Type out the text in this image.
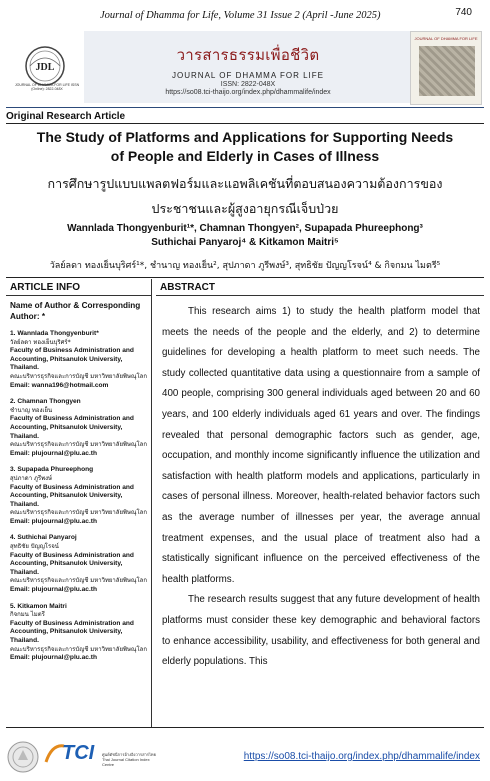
Journal of Dhamma for Life, Volume 31 Issue 2 (April -June 2025)	740
JDL
JOURNAL OF DHAMMA FOR LIFE ISSN (Online): 2822-048X
วารสารธรรมเพื่อชีวิต
JOURNAL OF DHAMMA FOR LIFE
ISSN: 2822-048X
https://so08.tci-thaijo.org/index.php/dhammalife/index
JOURNAL OF DHAMMA FOR LIFE
Original Research Article
The Study of Platforms and Applications for Supporting Needs
of People and Elderly in Cases of Illness
การศึกษารูปแบบแพลตฟอร์มและแอพลิเคชันที่ตอบสนองความต้องการของ
ประชาชนและผู้สูงอายุกรณีเจ็บป่วย
Wannlada Thongyenburit¹*, Chamnan Thongyen², Supapada Phureephong³
Suthichai Panyaroj⁴ & Kitkamon Maitri⁵
วัลย์ลดา ทองเย็นบุริศร์¹*, ชำนาญ ทองเย็น², สุปภาดา ภูรีพงษ์³, สุทธิชัย ปัญญโรจน์⁴ & กิจกมน ไมตรี⁵
ARTICLE INFO
Name of Author & Corresponding Author: *
1. Wannlada Thongyenburit*
วัลย์ลดา ทองเย็นบุริศร์*
Faculty of Business Administration and Accounting, Phitsanulok University, Thailand.
คณะบริหารธุรกิจและการบัญชี มหาวิทยาลัยพิษณุโลก
Email: wanna196@hotmail.com
2. Chamnan Thongyen
ชำนาญ ทองเย็น
Faculty of Business Administration and Accounting, Phitsanulok University, Thailand.
คณะบริหารธุรกิจและการบัญชี มหาวิทยาลัยพิษณุโลก
Email: plujournal@plu.ac.th
3. Supapada Phureephong
สุปภาดา ภูรีพงษ์
Faculty of Business Administration and Accounting, Phitsanulok University, Thailand.
คณะบริหารธุรกิจและการบัญชี มหาวิทยาลัยพิษณุโลก
Email: plujournal@plu.ac.th
4. Suthichai Panyaroj
สุทธิชัย ปัญญโรจน์
Faculty of Business Administration and Accounting, Phitsanulok University, Thailand.
คณะบริหารธุรกิจและการบัญชี มหาวิทยาลัยพิษณุโลก
Email: plujournal@plu.ac.th
5. Kitkamon Maitri
กิจกมน ไมตรี
Faculty of Business Administration and Accounting, Phitsanulok University, Thailand.
คณะบริหารธุรกิจและการบัญชี มหาวิทยาลัยพิษณุโลก
Email: plujournal@plu.ac.th
ABSTRACT

This research aims 1) to study the health platform model that meets the needs of the people and the elderly, and 2) to determine guidelines for developing a health platform to meet such needs. The study collected quantitative data using a questionnaire from a sample of 400 people, comprising 300 general individuals aged between 20 and 60 years, and 100 elderly individuals aged 61 years and over. The findings revealed that personal demographic factors such as gender, age, occupation, and monthly income significantly influence the utilization and satisfaction with health platform models and applications, particularly in cases of personal illness. Moreover, health-related behavior factors such as the average number of illnesses per year, the average annual treatment expenses, and the usual place of treatment also had a statistically significant influence on the perceived effectiveness of the health platforms.

The research results suggest that any future development of health platforms must consider these key demographic and behavioral factors to enhance accessibility, usability, and effectiveness for both general and elderly populations. This

TCI ศูนย์ดัชนีการอ้างอิงวารสารไทย Thai Journal Citation Index Centre
https://so08.tci-thaijo.org/index.php/dhammalife/index
